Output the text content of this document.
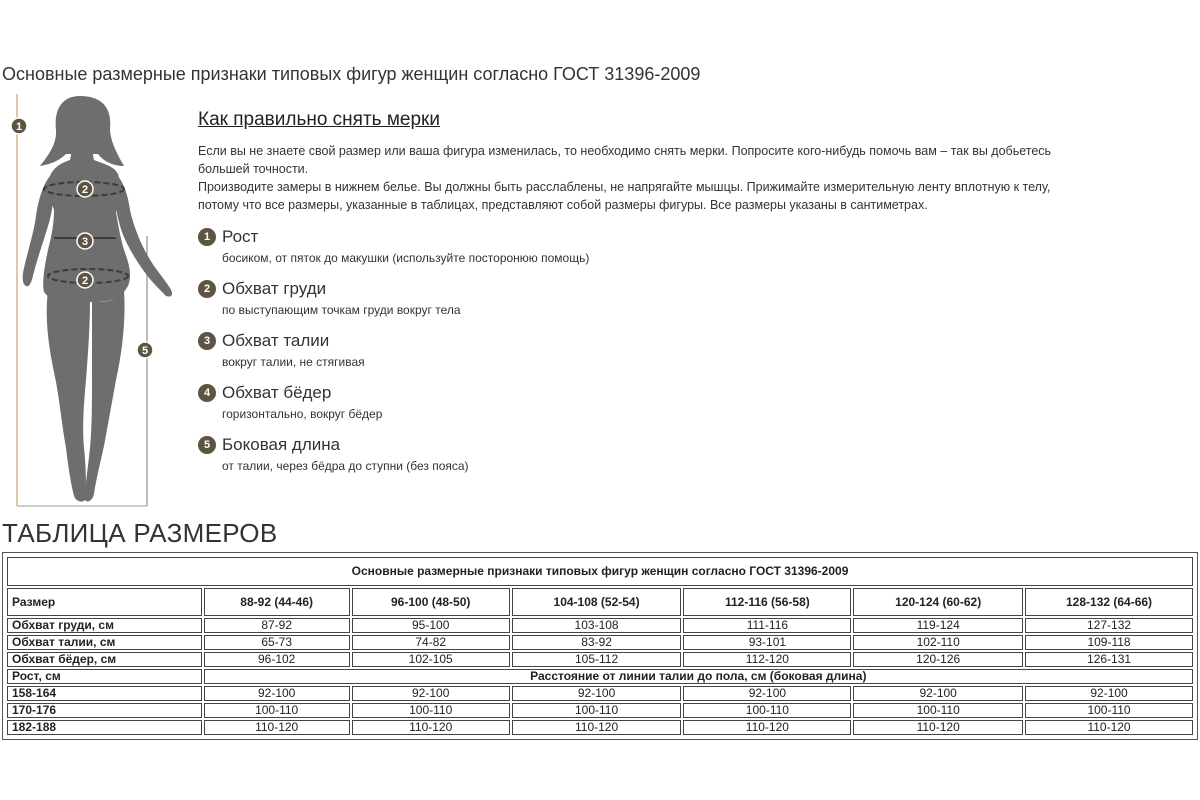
Основные размерные признаки типовых фигур женщин согласно ГОСТ 31396-2009
1
2
3
2
5
Как правильно снять мерки

Если вы не знаете свой размер или ваша фигура изменилась, то необходимо снять мерки. Попросите кого-нибудь помочь вам – так вы добьетесь большей точности.

Производите замеры в нижнем белье. Вы должны быть расслаблены, не напрягайте мышцы. Прижимайте измерительную ленту вплотную к телу, потому что все размеры, указанные в таблицах, представляют собой размеры фигуры. Все размеры указаны в сантиметрах.

1 Рост
босиком, от пяток до макушки (используйте посторонюю помощь)
2 Обхват груди
по выступающим точкам груди вокруг тела
3 Обхват талии
вокруг талии, не стягивая
4 Обхват бёдер
горизонтально, вокруг бёдер
5 Боковая длина
от талии, через бёдра до ступни (без пояса)
ТАБЛИЦА РАЗМЕРОВ
Основные размерные признаки типовых фигур женщин согласно ГОСТ 31396-2009						
Размер	88-92 (44-46)	96-100 (48-50)	104-108 (52-54)	112-116 (56-58)	120-124 (60-62)	128-132 (64-66)
Обхват груди, см	87-92	95-100	103-108	111-116	119-124	127-132
Обхват талии, см	65-73	74-82	83-92	93-101	102-110	109-118
Обхват бёдер, см	96-102	102-105	105-112	112-120	120-126	126-131
Рост, см	Расстояние от линии талии до пола, см (боковая длина)					
158-164	92-100	92-100	92-100	92-100	92-100	92-100
170-176	100-110	100-110	100-110	100-110	100-110	100-110
182-188	110-120	110-120	110-120	110-120	110-120	110-120
